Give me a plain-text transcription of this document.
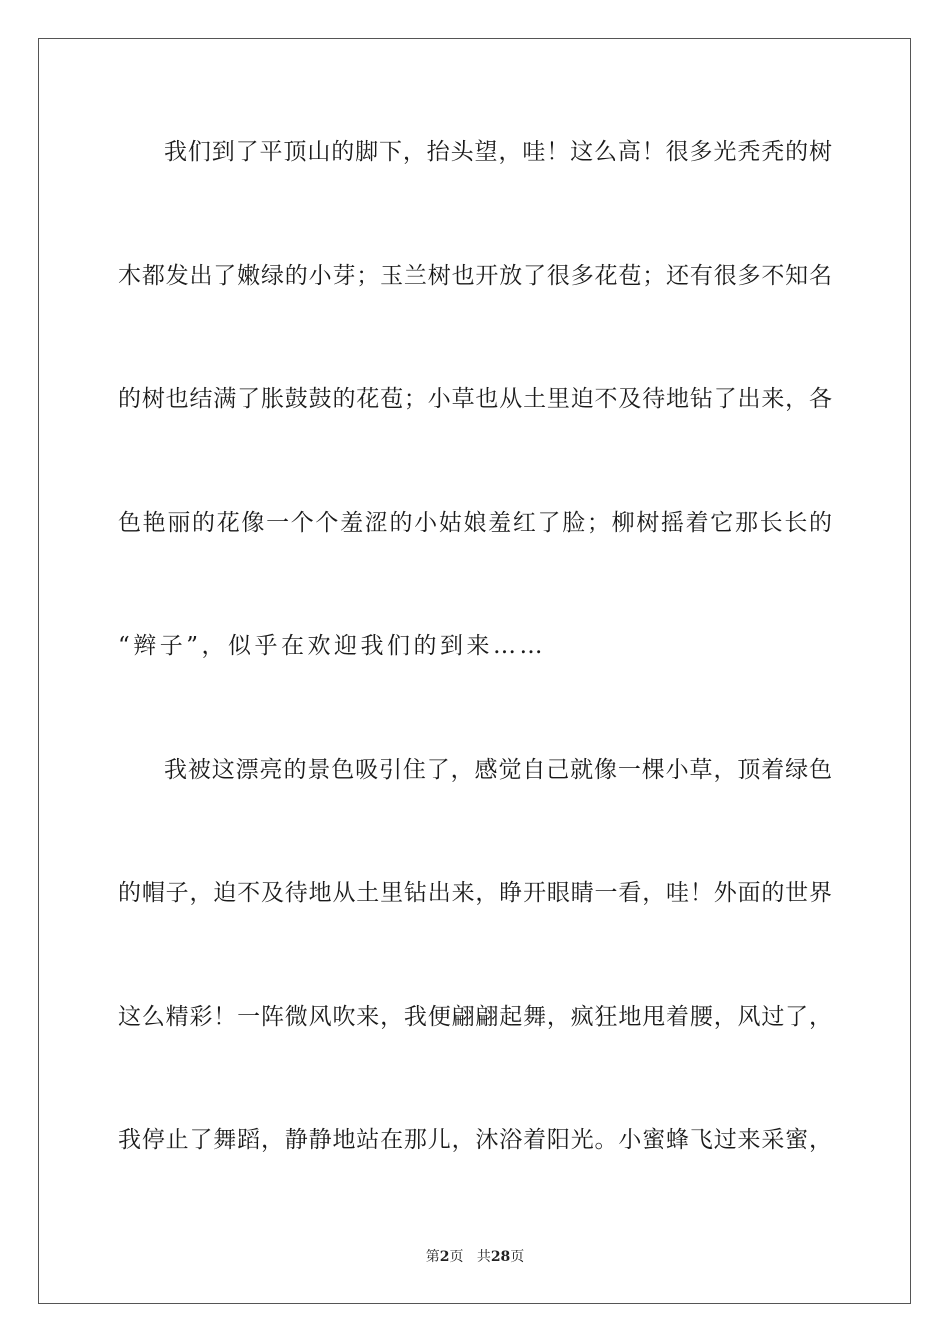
我们到了平顶山的脚下，抬头望，哇！这么高！很多光秃秃的树
木都发出了嫩绿的小芽；玉兰树也开放了很多花苞；还有很多不知名
的树也结满了胀鼓鼓的花苞；小草也从土里迫不及待地钻了出来，各
色艳丽的花像一个个羞涩的小姑娘羞红了脸；柳树摇着它那长长的
“辫子”，似乎在欢迎我们的到来……
我被这漂亮的景色吸引住了，感觉自己就像一棵小草，顶着绿色
的帽子，迫不及待地从土里钻出来，睁开眼睛一看，哇！外面的世界
这么精彩！一阵微风吹来，我便翩翩起舞，疯狂地甩着腰，风过了，
我停止了舞蹈，静静地站在那儿，沐浴着阳光。小蜜蜂飞过来采蜜，
第2页 共28页
